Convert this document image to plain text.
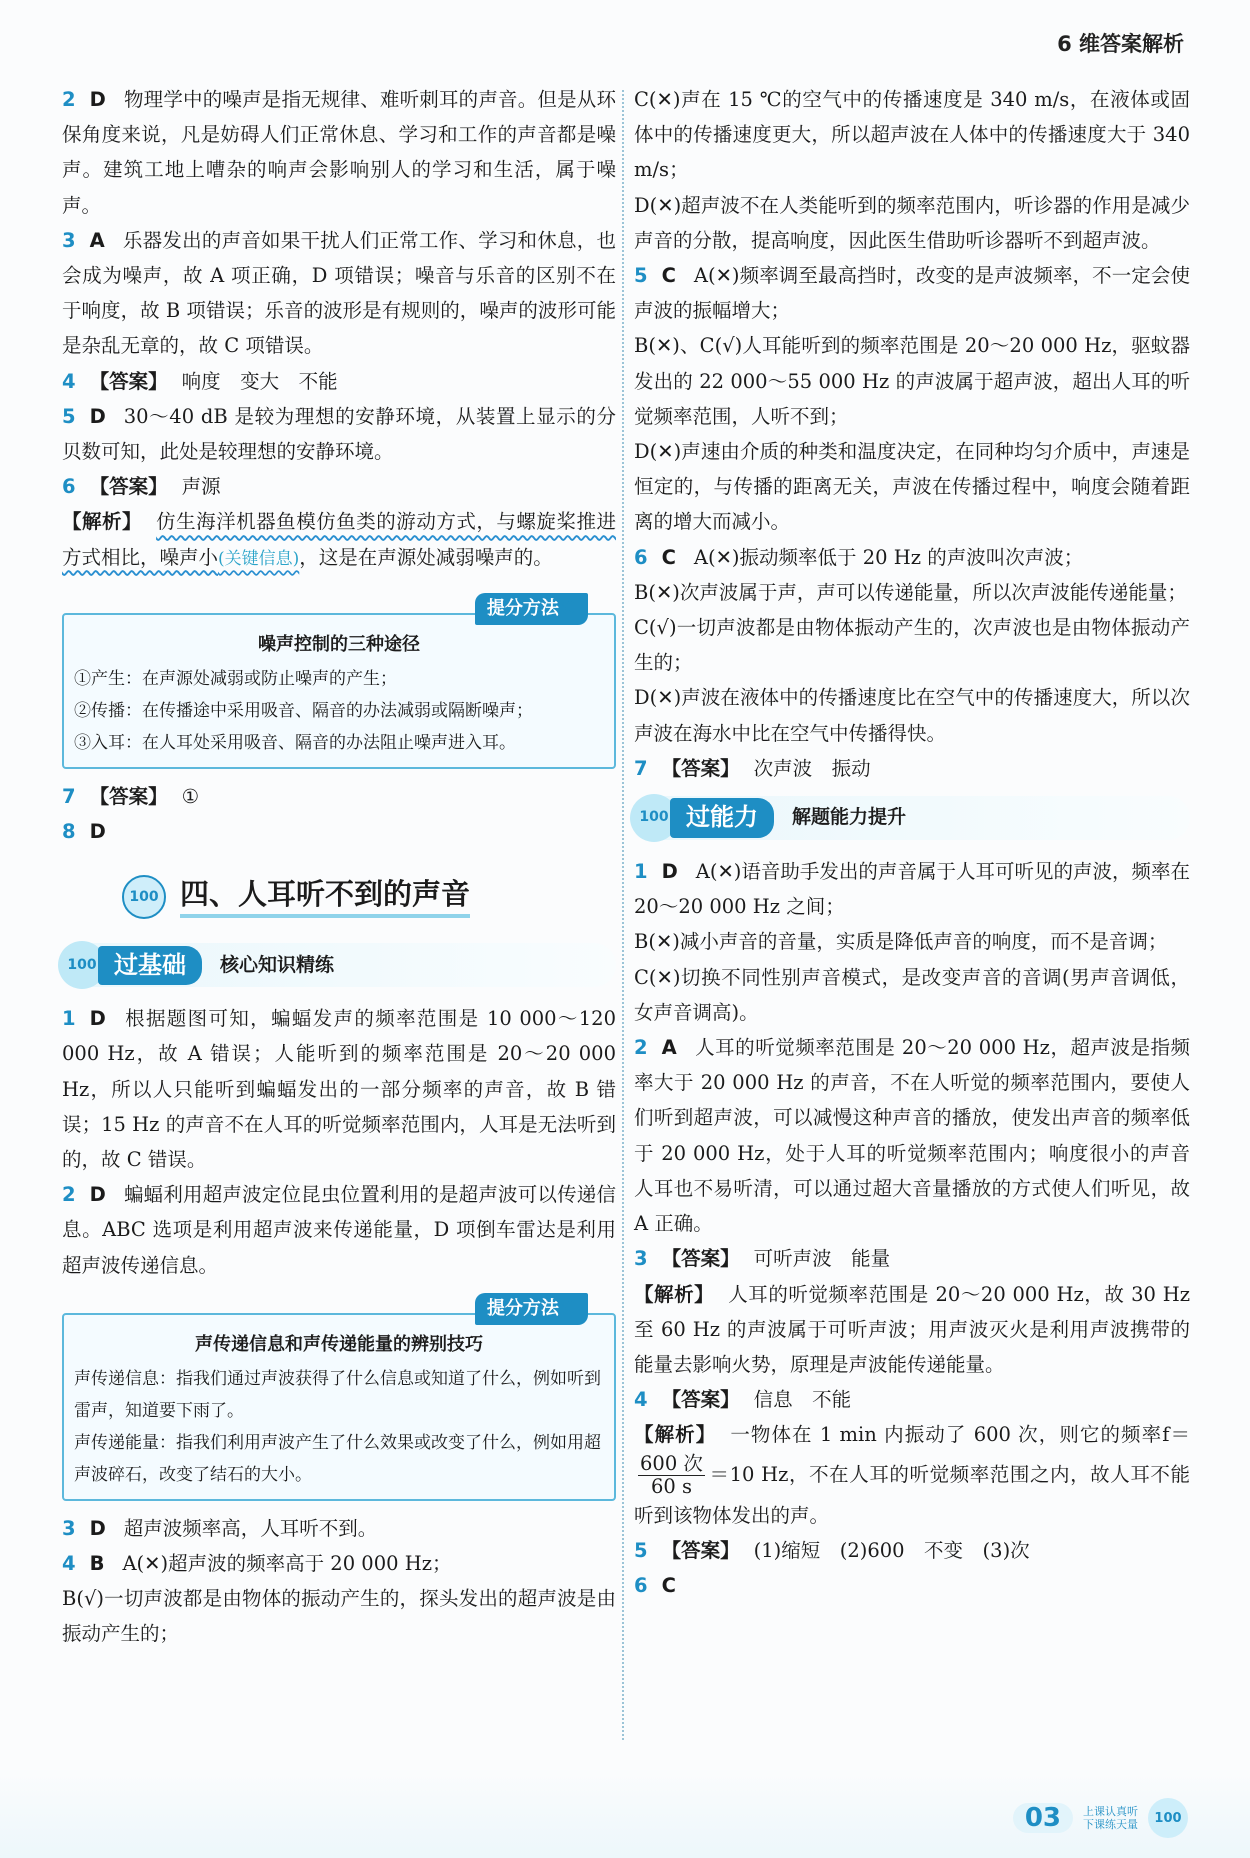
6 维答案解析

2 D 物理学中的噪声是指无规律、难听刺耳的声音。但是从环保角度来说，凡是妨碍人们正常休息、学习和工作的声音都是噪声。建筑工地上嘈杂的响声会影响别人的学习和生活，属于噪声。

3 A 乐器发出的声音如果干扰人们正常工作、学习和休息，也会成为噪声，故 A 项正确，D 项错误；噪音与乐音的区别不在于响度，故 B 项错误；乐音的波形是有规则的，噪声的波形可能是杂乱无章的，故 C 项错误。

4 【答案】 响度　变大　不能

5 D 30～40 dB 是较为理想的安静环境，从装置上显示的分贝数可知，此处是较理想的安静环境。

6 【答案】 声源

【解析】 仿生海洋机器鱼模仿鱼类的游动方式，与螺旋桨推进方式相比，噪声小(关键信息)，这是在声源处减弱噪声的。

提分方法 ✪
噪声控制的三种途径
①产生：在声源处减弱或防止噪声的产生；
②传播：在传播途中采用吸音、隔音的办法减弱或隔断噪声；
③入耳：在人耳处采用吸音、隔音的办法阻止噪声进入耳。

7 【答案】 ①

8 D

100 四、人耳听不到的声音
100 过基础	核心知识精练

1 D 根据题图可知，蝙蝠发声的频率范围是 10 000～120 000 Hz，故 A 错误；人能听到的频率范围是 20～20 000 Hz，所以人只能听到蝙蝠发出的一部分频率的声音，故 B 错误；15 Hz 的声音不在人耳的听觉频率范围内，人耳是无法听到的，故 C 错误。

2 D 蝙蝠利用超声波定位昆虫位置利用的是超声波可以传递信息。ABC 选项是利用超声波来传递能量，D 项倒车雷达是利用超声波传递信息。

提分方法 ✪
声传递信息和声传递能量的辨别技巧
声传递信息：指我们通过声波获得了什么信息或知道了什么，例如听到雷声，知道要下雨了。
声传递能量：指我们利用声波产生了什么效果或改变了什么，例如用超声波碎石，改变了结石的大小。

3 D 超声波频率高，人耳听不到。

4 B A(✕)超声波的频率高于 20 000 Hz；

B(√)一切声波都是由物体的振动产生的，探头发出的超声波是由振动产生的；

C(✕)声在 15 ℃的空气中的传播速度是 340 m/s，在液体或固体中的传播速度更大，所以超声波在人体中的传播速度大于 340 m/s；

D(✕)超声波不在人类能听到的频率范围内，听诊器的作用是减少声音的分散，提高响度，因此医生借助听诊器听不到超声波。

5 C A(✕)频率调至最高挡时，改变的是声波频率，不一定会使声波的振幅增大；

B(✕)、C(√)人耳能听到的频率范围是 20～20 000 Hz，驱蚊器发出的 22 000～55 000 Hz 的声波属于超声波，超出人耳的听觉频率范围，人听不到；

D(✕)声速由介质的种类和温度决定，在同种均匀介质中，声速是恒定的，与传播的距离无关，声波在传播过程中，响度会随着距离的增大而减小。

6 C A(✕)振动频率低于 20 Hz 的声波叫次声波；

B(✕)次声波属于声，声可以传递能量，所以次声波能传递能量；

C(√)一切声波都是由物体振动产生的，次声波也是由物体振动产生的；

D(✕)声波在液体中的传播速度比在空气中的传播速度大，所以次声波在海水中比在空气中传播得快。

7 【答案】 次声波　振动

100 过能力	解题能力提升

1 D A(✕)语音助手发出的声音属于人耳可听见的声波，频率在 20～20 000 Hz 之间；

B(✕)减小声音的音量，实质是降低声音的响度，而不是音调；

C(✕)切换不同性别声音模式，是改变声音的音调(男声音调低，女声音调高)。

2 A 人耳的听觉频率范围是 20～20 000 Hz，超声波是指频率大于 20 000 Hz 的声音，不在人听觉的频率范围内，要使人们听到超声波，可以减慢这种声音的播放，使发出声音的频率低于 20 000 Hz，处于人耳的听觉频率范围内；响度很小的声音人耳也不易听清，可以通过超大音量播放的方式使人们听见，故 A 正确。

3 【答案】 可听声波　能量

【解析】 人耳的听觉频率范围是 20～20 000 Hz，故 30 Hz 至 60 Hz 的声波属于可听声波；用声波灭火是利用声波携带的能量去影响火势，原理是声波能传递能量。

4 【答案】 信息　不能

【解析】 一物体在 1 min 内振动了 600 次，则它的频率f＝
$\frac{\text{600 次}}{60 s} =10$ Hz，不在人耳的听觉频率范围之内，故人耳不能听到该物体发出的声。

5 【答案】 (1)缩短　(2)600　不变　(3)次

6 C

03	上课认真听
下课练天量	100
